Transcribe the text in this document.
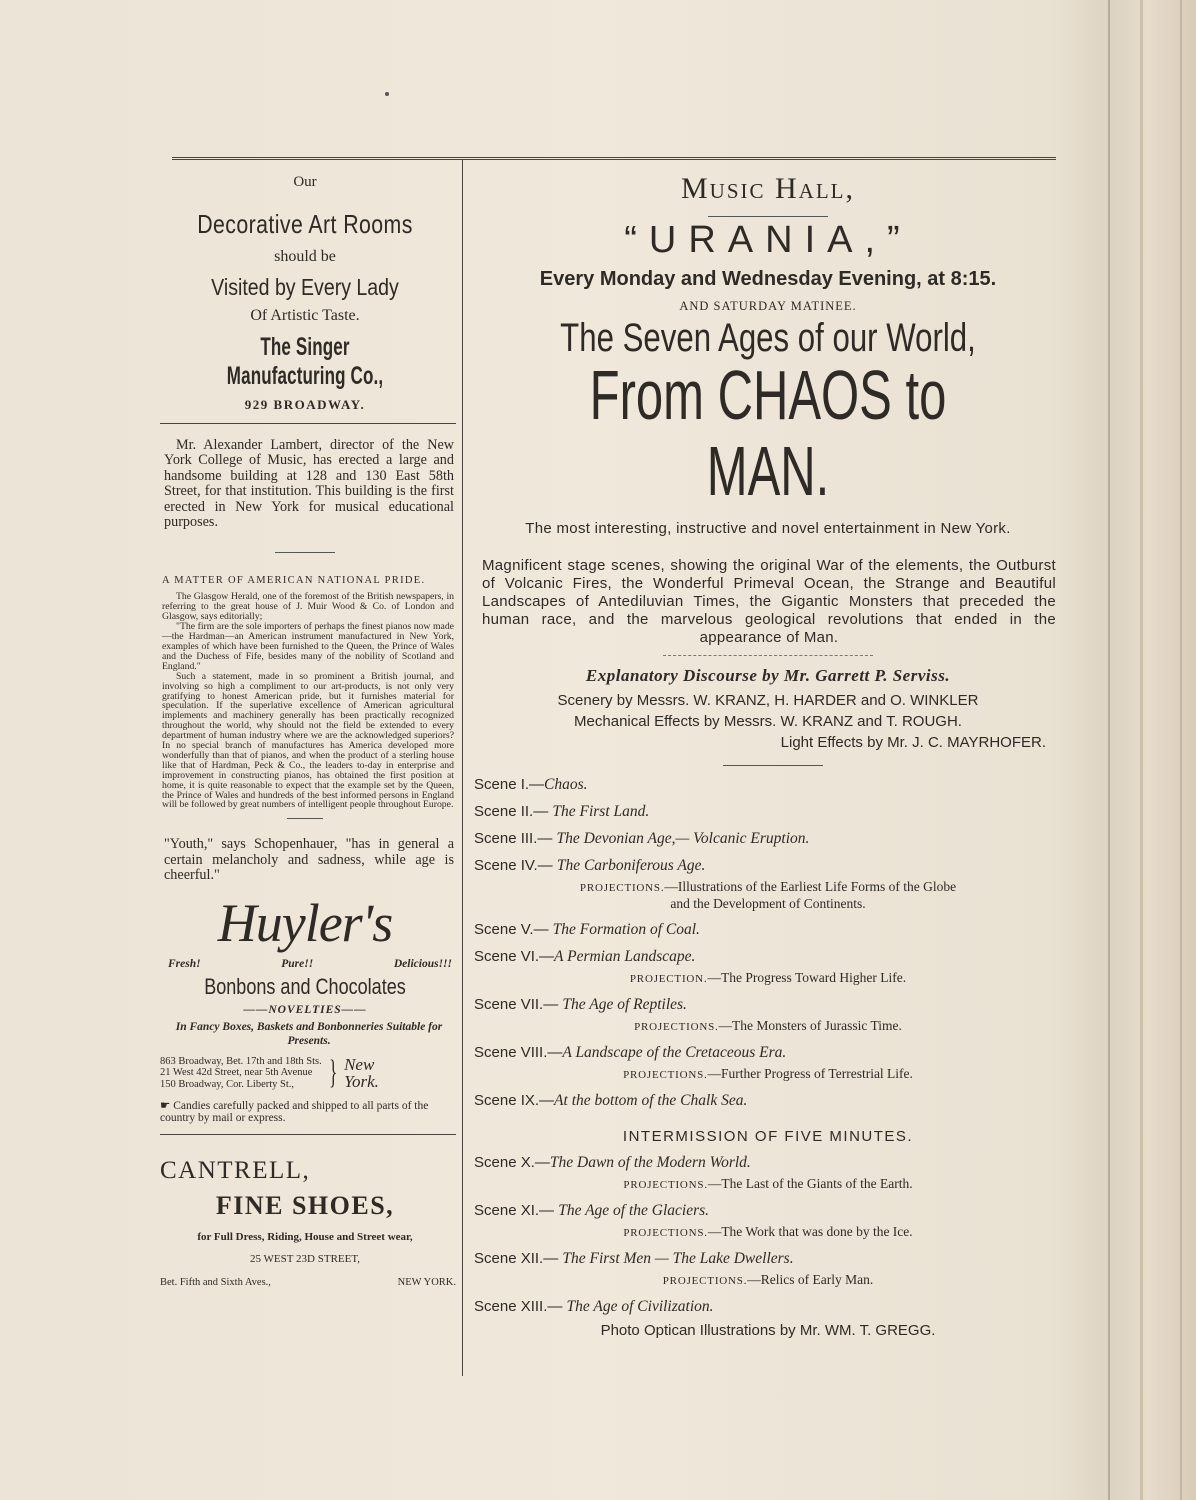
Our
Decorative Art Rooms
should be
Visited by Every Lady
Of Artistic Taste.
The Singer Manufacturing Co.,
929 BROADWAY.
Mr. Alexander Lambert, director of the New York College of Music, has erected a large and handsome building at 128 and 130 East 58th Street, for that institution. This building is the first erected in New York for musical educational purposes.
A MATTER OF AMERICAN NATIONAL PRIDE.

The Glasgow Herald, one of the foremost of the British newspapers, in referring to the great house of J. Muir Wood & Co. of London and Glasgow, says editorially;

"The firm are the sole importers of perhaps the finest pianos now made—the Hardman—an American instrument manufactured in New York, examples of which have been furnished to the Queen, the Prince of Wales and the Duchess of Fife, besides many of the nobility of Scotland and England."

Such a statement, made in so prominent a British journal, and involving so high a compliment to our art-products, is not only very gratifying to honest American pride, but it furnishes material for speculation. If the superlative excellence of American agricultural implements and machinery generally has been practically recognized throughout the world, why should not the field be extended to every department of human industry where we are the acknowledged superiors? In no special branch of manufactures has America developed more wonderfully than that of pianos, and when the product of a sterling house like that of Hardman, Peck & Co., the leaders to-day in enterprise and improvement in constructing pianos, has obtained the first position at home, it is quite reasonable to expect that the example set by the Queen, the Prince of Wales and hundreds of the best informed persons in England will be followed by great numbers of intelligent people throughout Europe.

"Youth," says Schopenhauer, "has in general a certain melancholy and sadness, while age is cheerful."
Huyler's
Fresh!	Pure!!	Delicious!!!
Bonbons and Chocolates
——NOVELTIES——
In Fancy Boxes, Baskets and Bonbonneries Suitable for Presents.
863 Broadway, Bet. 17th and 18th Sts.
21 West 42d Street, near 5th Avenue
150 Broadway, Cor. Liberty St.,	} New
York.
☛ Candies carefully packed and shipped to all parts of the country by mail or express.
CANTRELL,
FINE SHOES,
for Full Dress, Riding, House and Street wear,
25 WEST 23D STREET,
Bet. Fifth and Sixth Aves.,	NEW YORK.
Music Hall,
“URANIA,”
Every Monday and Wednesday Evening, at 8:15.
AND SATURDAY MATINEE.
The Seven Ages of our World,
From CHAOS to MAN.
The most interesting, instructive and novel entertainment in New York.
Magnificent stage scenes, showing the original War of the elements, the Outburst of Volcanic Fires, the Wonderful Primeval Ocean, the Strange and Beautiful Landscapes of Antediluvian Times, the Gigantic Monsters that preceded the human race, and the marvelous geological revolutions that ended in the appearance of Man.
Explanatory Discourse by Mr. Garrett P. Serviss.
Scenery by Messrs. W. KRANZ, H. HARDER and O. WINKLER
Mechanical Effects by Messrs. W. KRANZ and T. ROUGH.
Light Effects by Mr. J. C. MAYRHOFER.
Scene I.—Chaos.
Scene II.— The First Land.
Scene III.— The Devonian Age,— Volcanic Eruption.
Scene IV.— The Carboniferous Age.
PROJECTIONS.—Illustrations of the Earliest Life Forms of the Globe
and the Development of Continents.
Scene V.— The Formation of Coal.
Scene VI.—A Permian Landscape.
PROJECTION.—The Progress Toward Higher Life.
Scene VII.— The Age of Reptiles.
PROJECTIONS.—The Monsters of Jurassic Time.
Scene VIII.—A Landscape of the Cretaceous Era.
PROJECTIONS.—Further Progress of Terrestrial Life.
Scene IX.—At the bottom of the Chalk Sea.
INTERMISSION OF FIVE MINUTES.
Scene X.—The Dawn of the Modern World.
PROJECTIONS.—The Last of the Giants of the Earth.
Scene XI.— The Age of the Glaciers.
PROJECTIONS.—The Work that was done by the Ice.
Scene XII.— The First Men — The Lake Dwellers.
PROJECTIONS.—Relics of Early Man.
Scene XIII.— The Age of Civilization.
Photo Optican Illustrations by Mr. WM. T. GREGG.
